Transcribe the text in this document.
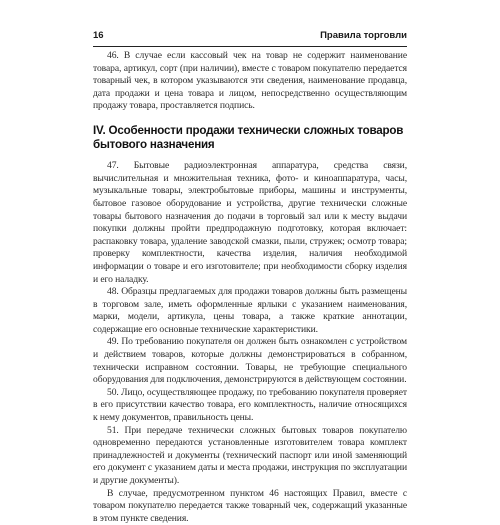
16	Правила торговли

46. В случае если кассовый чек на товар не содержит наименование товара, артикул, сорт (при наличии), вместе с товаром покупателю передается товарный чек, в котором указываются эти сведения, наименование продавца, дата продажи и цена товара и лицом, непосредственно осуществляющим продажу товара, проставляется подпись.

IV. Особенности продажи технически сложных товаров бытового назначения

47. Бытовые радиоэлектронная аппаратура, средства связи, вычислительная и множительная техника, фото- и киноаппаратура, часы, музыкальные товары, электробытовые приборы, машины и инструменты, бытовое газовое оборудование и устройства, другие технически сложные товары бытового назначения до подачи в торговый зал или к месту выдачи покупки должны пройти предпродажную подготовку, которая включает: распаковку товара, удаление заводской смазки, пыли, стружек; осмотр товара; проверку комплектности, качества изделия, наличия необходимой информации о товаре и его изготовителе; при необходимости сборку изделия и его наладку.

48. Образцы предлагаемых для продажи товаров должны быть размещены в торговом зале, иметь оформленные ярлыки с указанием наименования, марки, модели, артикула, цены товара, а также краткие аннотации, содержащие его основные технические характеристики.

49. По требованию покупателя он должен быть ознакомлен с устройством и действием товаров, которые должны демонстрироваться в собранном, технически исправном состоянии. Товары, не требующие специального оборудования для подключения, демонстрируются в действующем состоянии.

50. Лицо, осуществляющее продажу, по требованию покупателя проверяет в его присутствии качество товара, его комплектность, наличие относящихся к нему документов, правильность цены.

51. При передаче технически сложных бытовых товаров покупателю одновременно передаются установленные изготовителем товара комплект принадлежностей и документы (технический паспорт или иной заменяющий его документ с указанием даты и места продажи, инструкция по эксплуатации и другие документы).

В случае, предусмотренном пунктом 46 настоящих Правил, вместе с товаром покупателю передается также товарный чек, содержащий указанные в этом пункте сведения.
